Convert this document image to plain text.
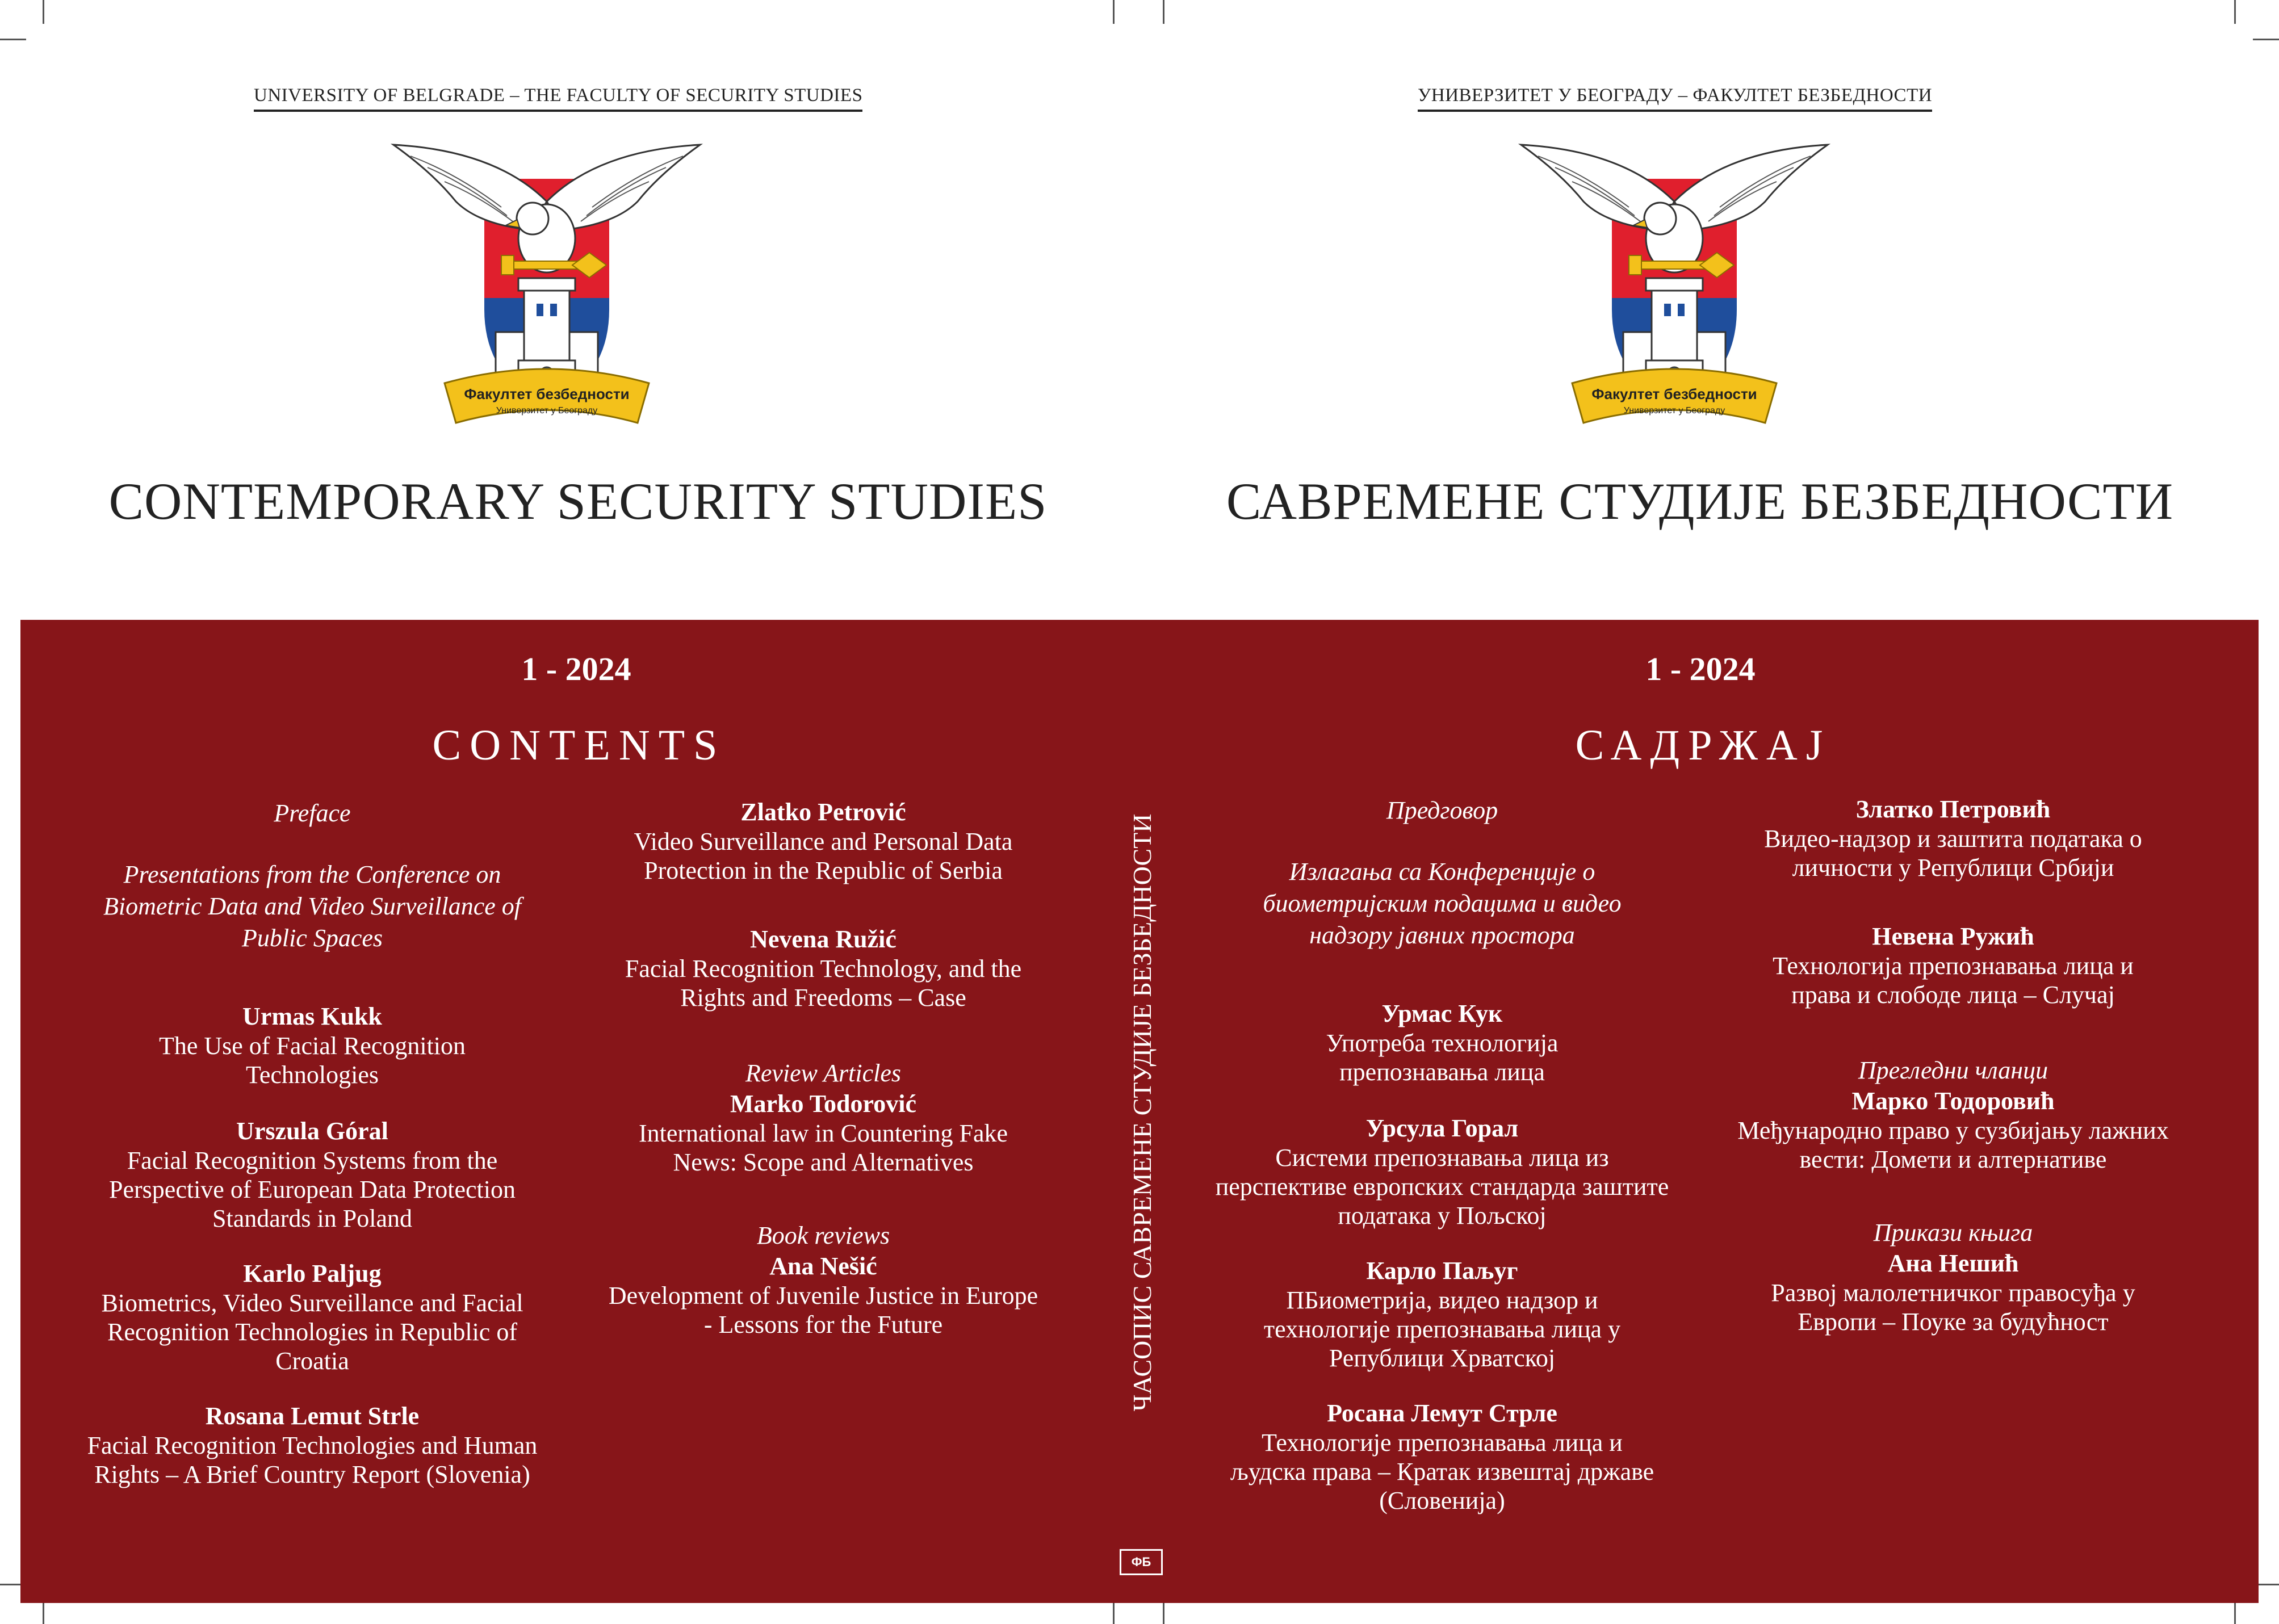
UNIVERSITY OF BELGRADE – THE FACULTY OF SECURITY STUDIES	УНИВЕРЗИТЕТ У БЕОГРАДУ – ФАКУЛТЕТ БЕЗБЕДНОСТИ
Факултет безбедности
Универзитет у Београду
Факултет безбедности
Универзитет у Београду
CONTEMPORARY SECURITY STUDIES	САВРЕМЕНЕ СТУДИЈЕ БЕЗБЕДНОСТИ
1 - 2024	1 - 2024
CONTENTS	САДРЖАЈ
Preface
Presentations from the Conference on Biometric Data and Video Surveillance of Public Spaces
Urmas Kukk
The Use of Facial Recognition Technologies
Urszula Góral
Facial Recognition Systems from the Perspective of European Data Protection Standards in Poland
Karlo Paljug
Biometrics, Video Surveillance and Facial Recognition Technologies in Republic of Croatia
Rosana Lemut Strle
Facial Recognition Technologies and Human Rights – A Brief Country Report (Slovenia)
Zlatko Petrović
Video Surveillance and Personal Data Protection in the Republic of Serbia
Nevena Ružić
Facial Recognition Technology, and the Rights and Freedoms – Case
Review Articles
Marko Todorović
International law in Countering Fake News: Scope and Alternatives
Book reviews
Ana Nešić
Development of Juvenile Justice in Europe - Lessons for the Future	ЧАСОПИС САВРЕМЕНЕ СТУДИЈЕ БЕЗБЕДНОСТИ
ФБ
Предговор
Излагања са Конференције о биометријским подацима и видео надзору јавних простора
Урмас Кук
Употреба технологија препознавања лица
Урсула Горал
Системи препознавања лица из перспективе европских стандарда заштите података у Пољској
Карло Паљуг
ПБиометрија, видео надзор и технологије препознавања лица у Републици Хрватској
Росана Лемут Стрле
Технологије препознавања лица и људска права – Кратак извештај државе (Словенија)
Златко Петровић
Видео-надзор и заштита података о личности у Републици Србији
Невена Ружић
Технологија препознавања лица и права и слободе лица – Случај
Прегледни чланци
Марко Тодоровић
Међународно право у сузбијању лажних вести: Домети и алтернативе
Прикази књига
Ана Нешић
Развој малолетничког правосуђа у Европи – Поуке за будућност
